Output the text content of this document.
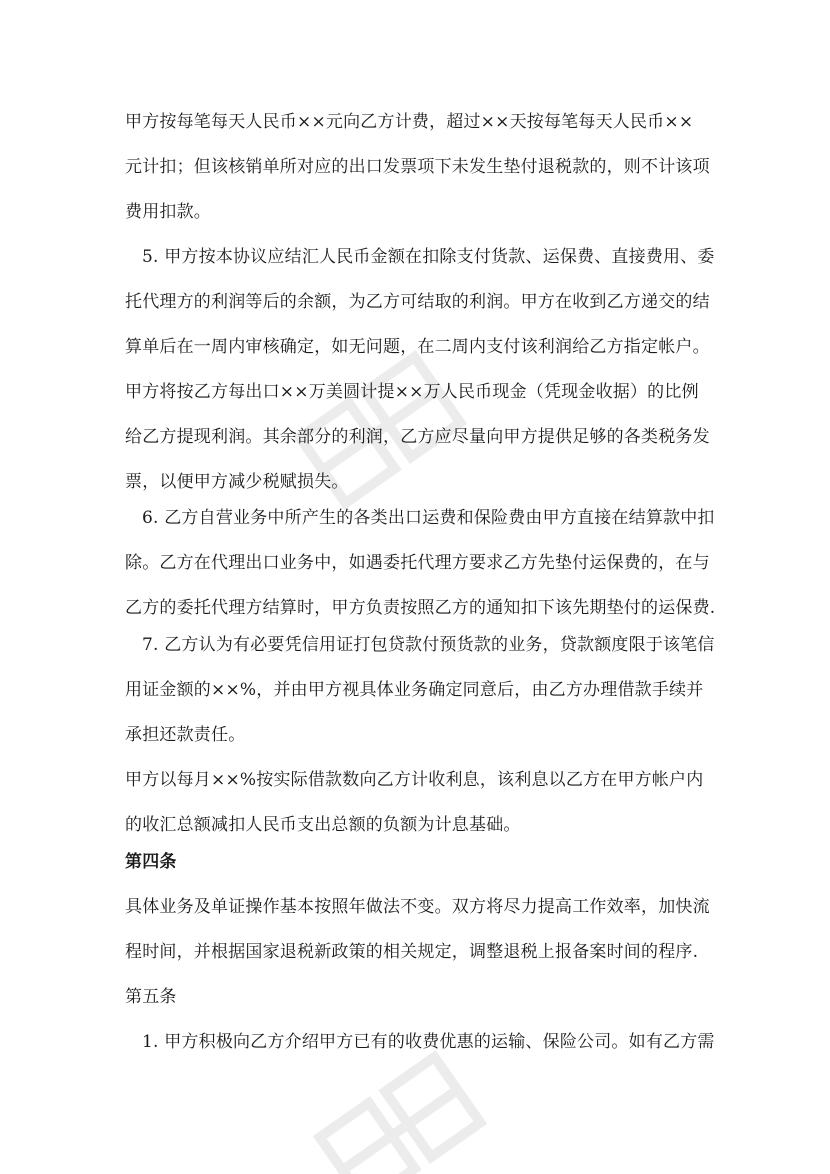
甲方按每笔每天人民币××元向乙方计费，超过××天按每笔每天人民币××
元计扣；但该核销单所对应的出口发票项下未发生垫付退税款的，则不计该项
费用扣款。
5. 甲方按本协议应结汇人民币金额在扣除支付货款、运保费、直接费用、委
托代理方的利润等后的余额，为乙方可结取的利润。甲方在收到乙方递交的结
算单后在一周内审核确定，如无问题，在二周内支付该利润给乙方指定帐户。
甲方将按乙方每出口××万美圆计提××万人民币现金（凭现金收据）的比例
给乙方提现利润。其余部分的利润，乙方应尽量向甲方提供足够的各类税务发
票，以便甲方减少税赋损失。
6. 乙方自营业务中所产生的各类出口运费和保险费由甲方直接在结算款中扣
除。乙方在代理出口业务中，如遇委托代理方要求乙方先垫付运保费的，在与
乙方的委托代理方结算时，甲方负责按照乙方的通知扣下该先期垫付的运保费.
7. 乙方认为有必要凭信用证打包贷款付预货款的业务，贷款额度限于该笔信
用证金额的××%，并由甲方视具体业务确定同意后，由乙方办理借款手续并
承担还款责任。
甲方以每月××%按实际借款数向乙方计收利息，该利息以乙方在甲方帐户内
的收汇总额减扣人民币支出总额的负额为计息基础。
第四条
具体业务及单证操作基本按照年做法不变。双方将尽力提高工作效率，加快流
程时间，并根据国家退税新政策的相关规定，调整退税上报备案时间的程序.
第五条
1. 甲方积极向乙方介绍甲方已有的收费优惠的运输、保险公司。如有乙方需
